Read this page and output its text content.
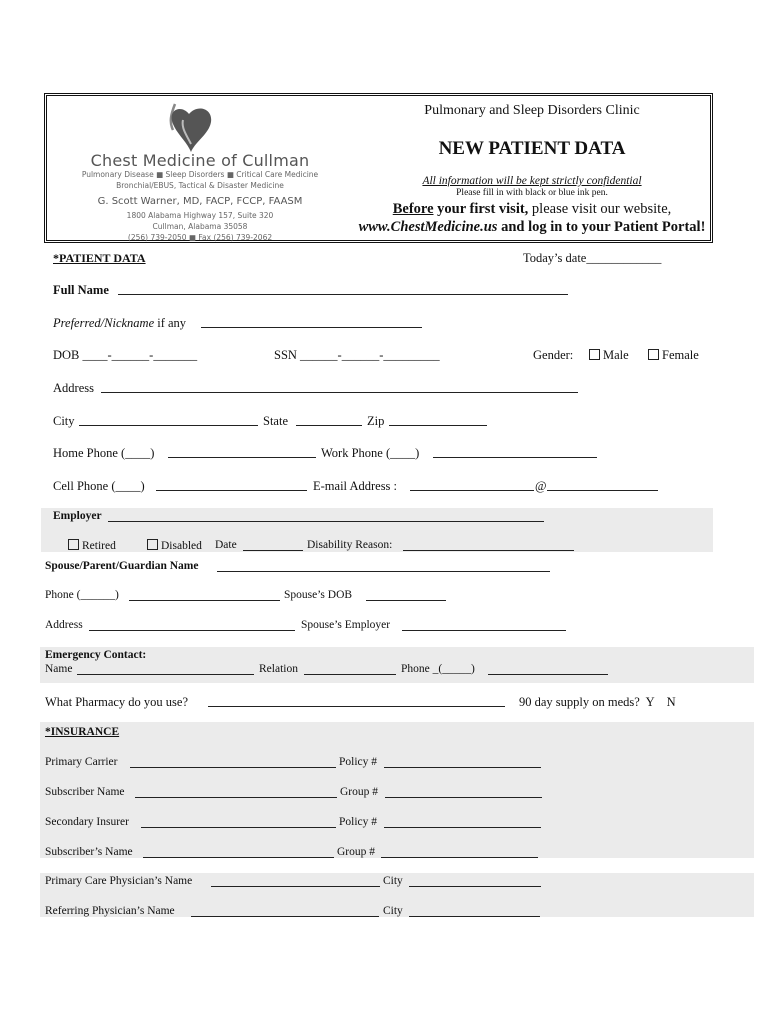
Chest Medicine of Cullman
Pulmonary Disease ■ Sleep Disorders ■ Critical Care Medicine
Bronchial/EBUS, Tactical & Disaster Medicine
G. Scott Warner, MD, FACP, FCCP, FAASM
1800 Alabama Highway 157, Suite 320
Cullman, Alabama 35058
(256) 739-2050 ■ Fax (256) 739-2062
Pulmonary and Sleep Disorders Clinic
NEW PATIENT DATA
All information will be kept strictly confidential
Please fill in with black or blue ink pen.
Before your first visit, please visit our website,
www.ChestMedicine.us and log in to your Patient Portal!
*PATIENT DATA	Today’s date____________
Full Name
Preferred/Nickname if any
DOB ____-______-_______	SSN ______-______-_________	Gender:	Male	Female
Address
City	State	Zip
Home Phone (____)	Work Phone (____)
Cell Phone (____)	E-mail Address :	@
Employer
Retired	Disabled Date	Disability Reason:
Spouse/Parent/Guardian Name
Phone (______)	Spouse’s DOB
Address	Spouse’s Employer
Emergency Contact:
Name	Relation	Phone _(_____)
What Pharmacy do you use?	90 day supply on meds?  Y    N
*INSURANCE
Primary Carrier	Policy #
Subscriber Name	Group #
Secondary Insurer	Policy #
Subscriber’s Name	Group #
Primary Care Physician’s Name	City
Referring Physician’s Name	City
